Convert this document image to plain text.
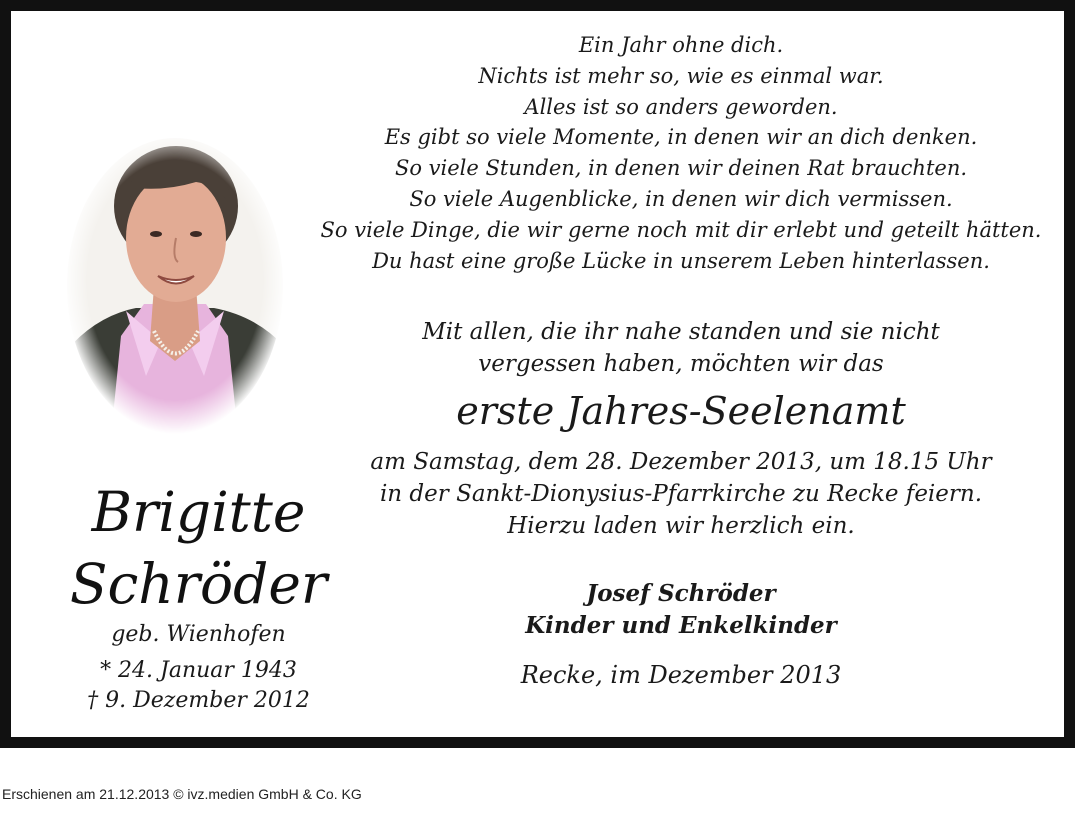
Brigitte

Schröder

geb. Wienhofen

* 24. Januar 1943

† 9. Dezember 2012

Ein Jahr ohne dich.
Nichts ist mehr so, wie es einmal war.
Alles ist so anders geworden.
Es gibt so viele Momente, in denen wir an dich denken.
So viele Stunden, in denen wir deinen Rat brauchten.
So viele Augenblicke, in denen wir dich vermissen.
So viele Dinge, die wir gerne noch mit dir erlebt und geteilt hätten.
Du hast eine große Lücke in unserem Leben hinterlassen.
Mit allen, die ihr nahe standen und sie nicht
vergessen haben, möchten wir das
erste Jahres-Seelenamt
am Samstag, dem 28. Dezember 2013, um 18.15 Uhr
in der Sankt-Dionysius-Pfarrkirche zu Recke feiern.
Hierzu laden wir herzlich ein.
Josef Schröder
Kinder und Enkelkinder
Recke, im Dezember 2013
Erschienen am 21.12.2013 © ivz.medien GmbH & Co. KG
